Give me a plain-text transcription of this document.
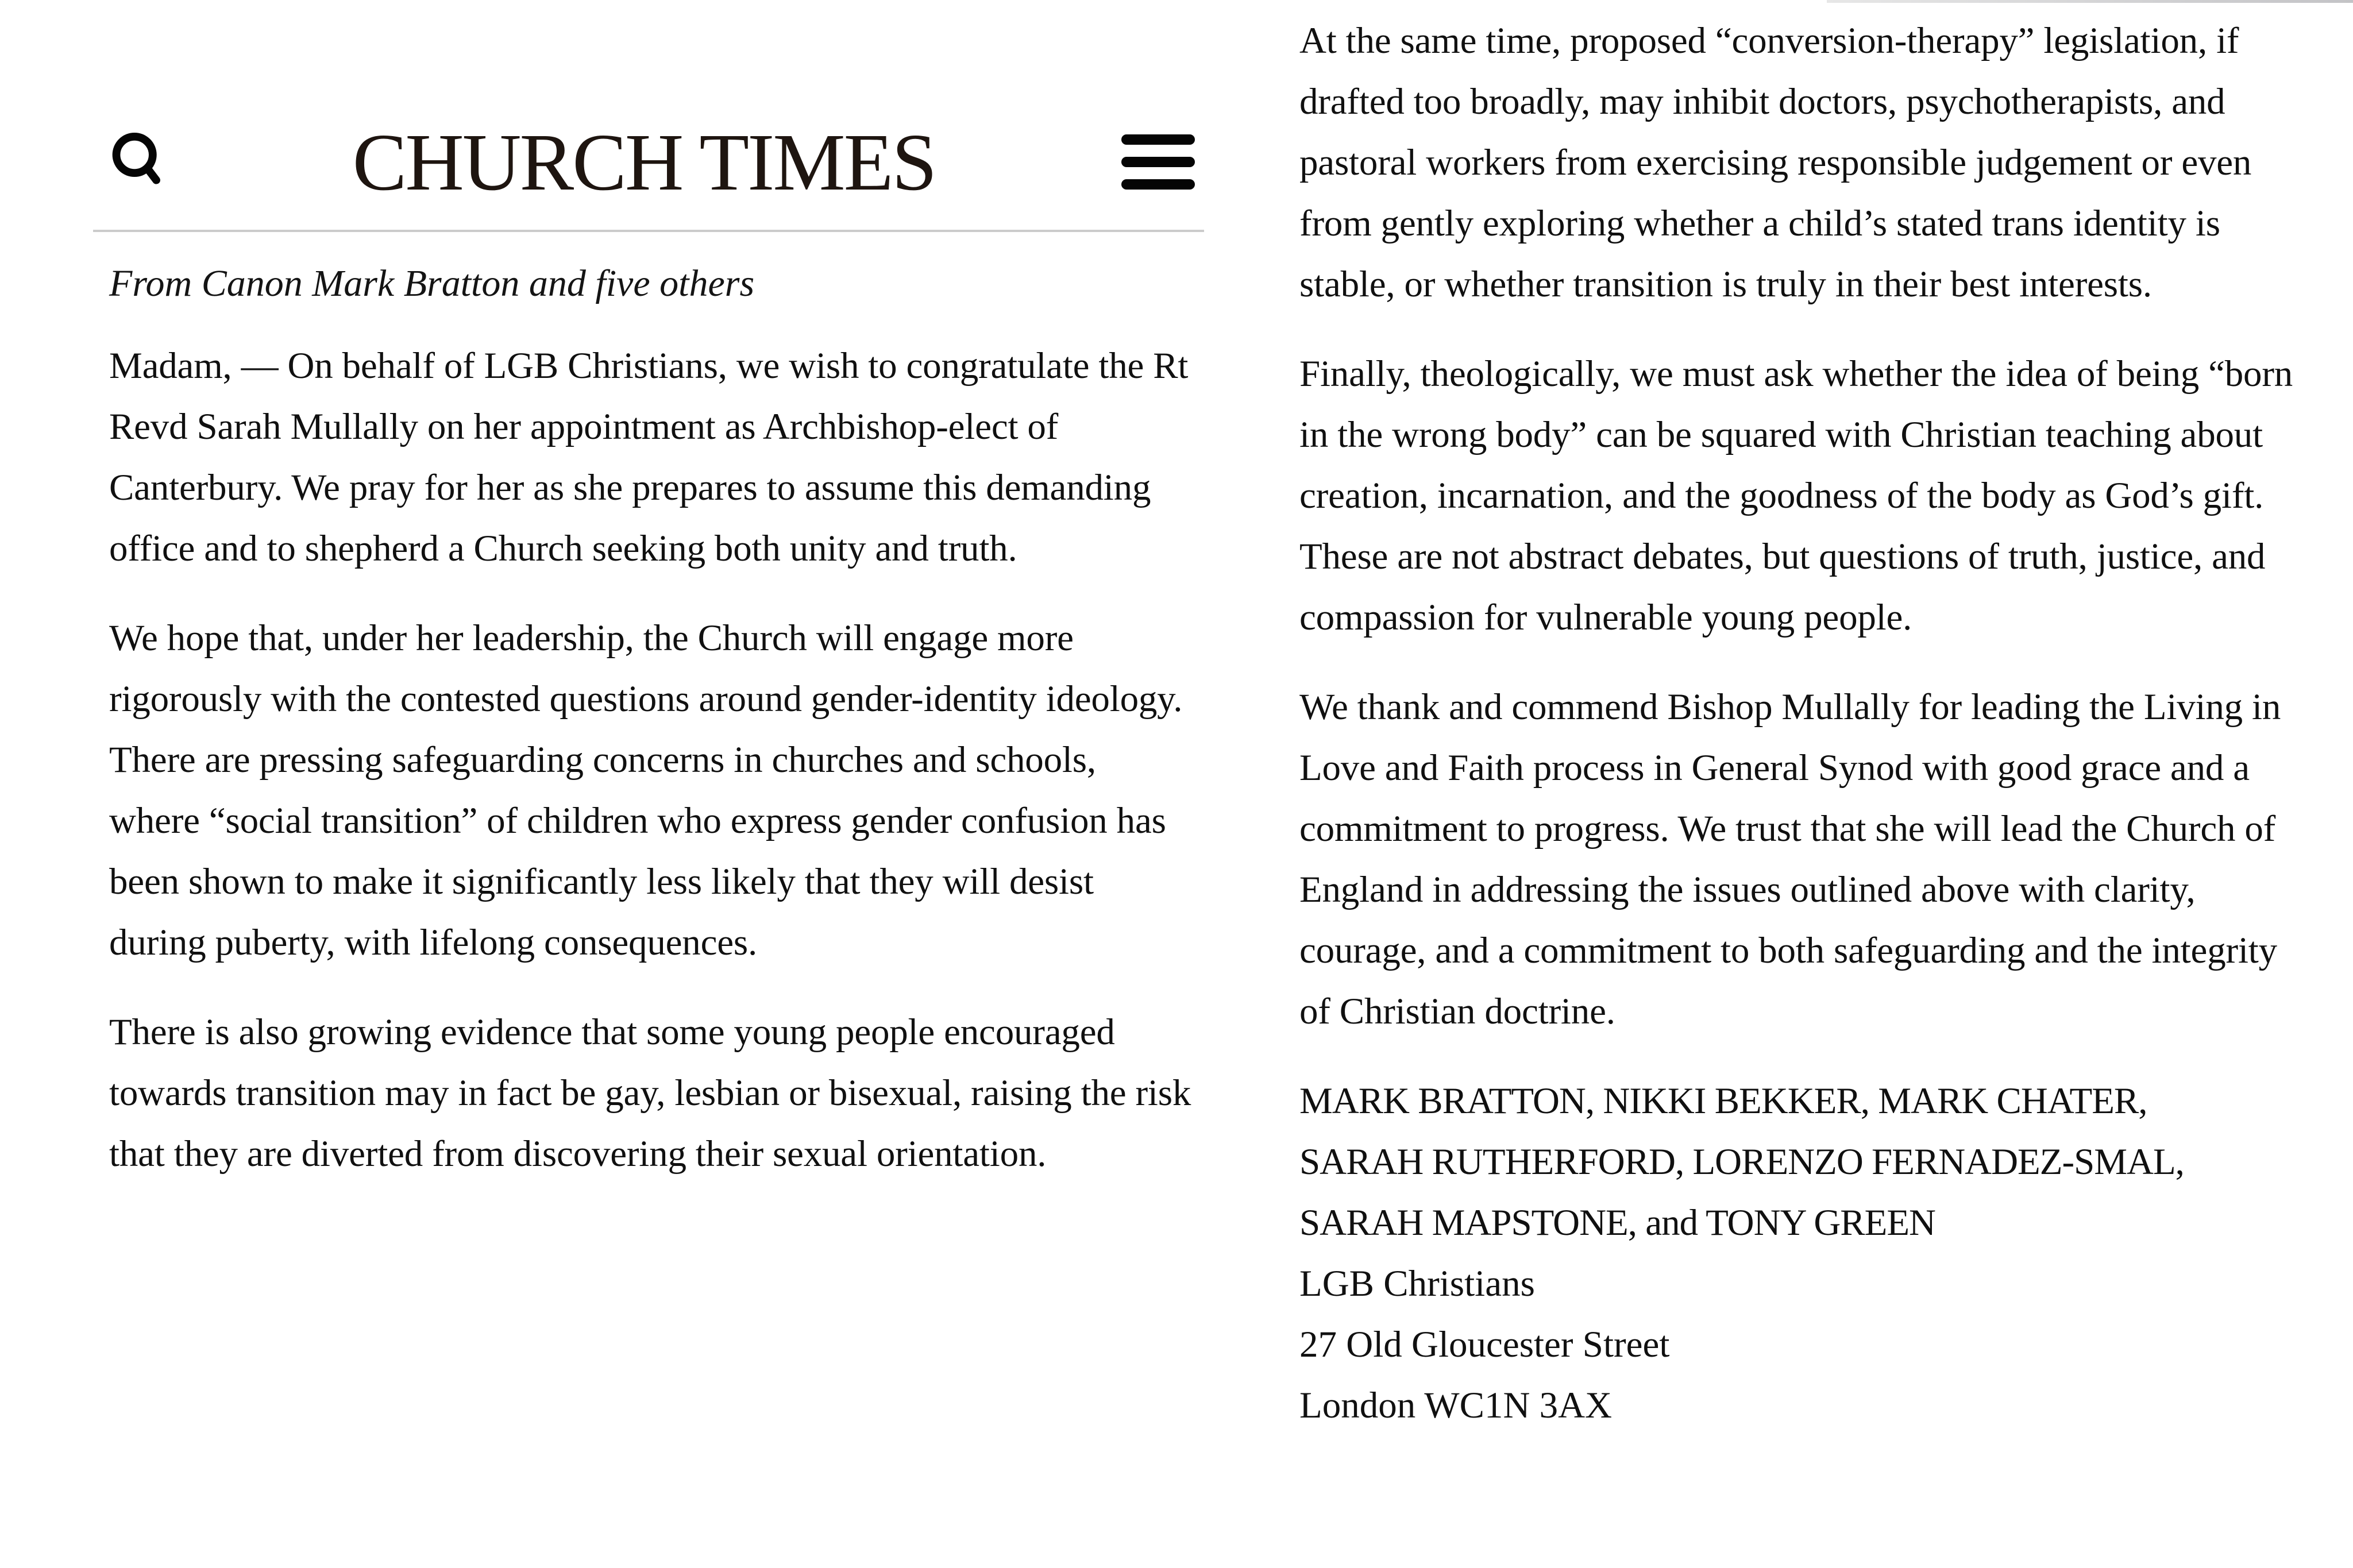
CHURCH TIMES

From Canon Mark Bratton and five others

Madam, — On behalf of LGB Christians, we wish to congratulate the Rt Revd Sarah Mullally on her appointment as Archbishop-elect of Canterbury. We pray for her as she prepares to assume this demanding office and to shepherd a Church seeking both unity and truth.

We hope that, under her leadership, the Church will engage more rigorously with the contested questions around gender-identity ideology. There are pressing safeguarding concerns in churches and schools, where “social transition” of children who express gender confusion has been shown to make it significantly less likely that they will desist during puberty, with lifelong consequences.

There is also growing evidence that some young people encouraged towards transition may in fact be gay, lesbian or bisexual, raising the risk that they are diverted from discovering their sexual orientation.

At the same time, proposed “conversion-therapy” legislation, if drafted too broadly, may inhibit doctors, psychotherapists, and pastoral workers from exercising responsible judgement or even from gently exploring whether a child’s stated trans identity is stable, or whether transition is truly in their best interests.

Finally, theologically, we must ask whether the idea of being “born in the wrong body” can be squared with Christian teaching about creation, incarnation, and the goodness of the body as God’s gift. These are not abstract debates, but questions of truth, justice, and compassion for vulnerable young people.

We thank and commend Bishop Mullally for leading the Living in Love and Faith process in General Synod with good grace and a commitment to progress. We trust that she will lead the Church of England in addressing the issues outlined above with clarity, courage, and a commitment to both safeguarding and the integrity of Christian doctrine.

MARK BRATTON, NIKKI BEKKER, MARK CHATER,
SARAH RUTHERFORD, LORENZO FERNADEZ-SMAL,
SARAH MAPSTONE, and TONY GREEN
LGB Christians
27 Old Gloucester Street
London WC1N 3AX
